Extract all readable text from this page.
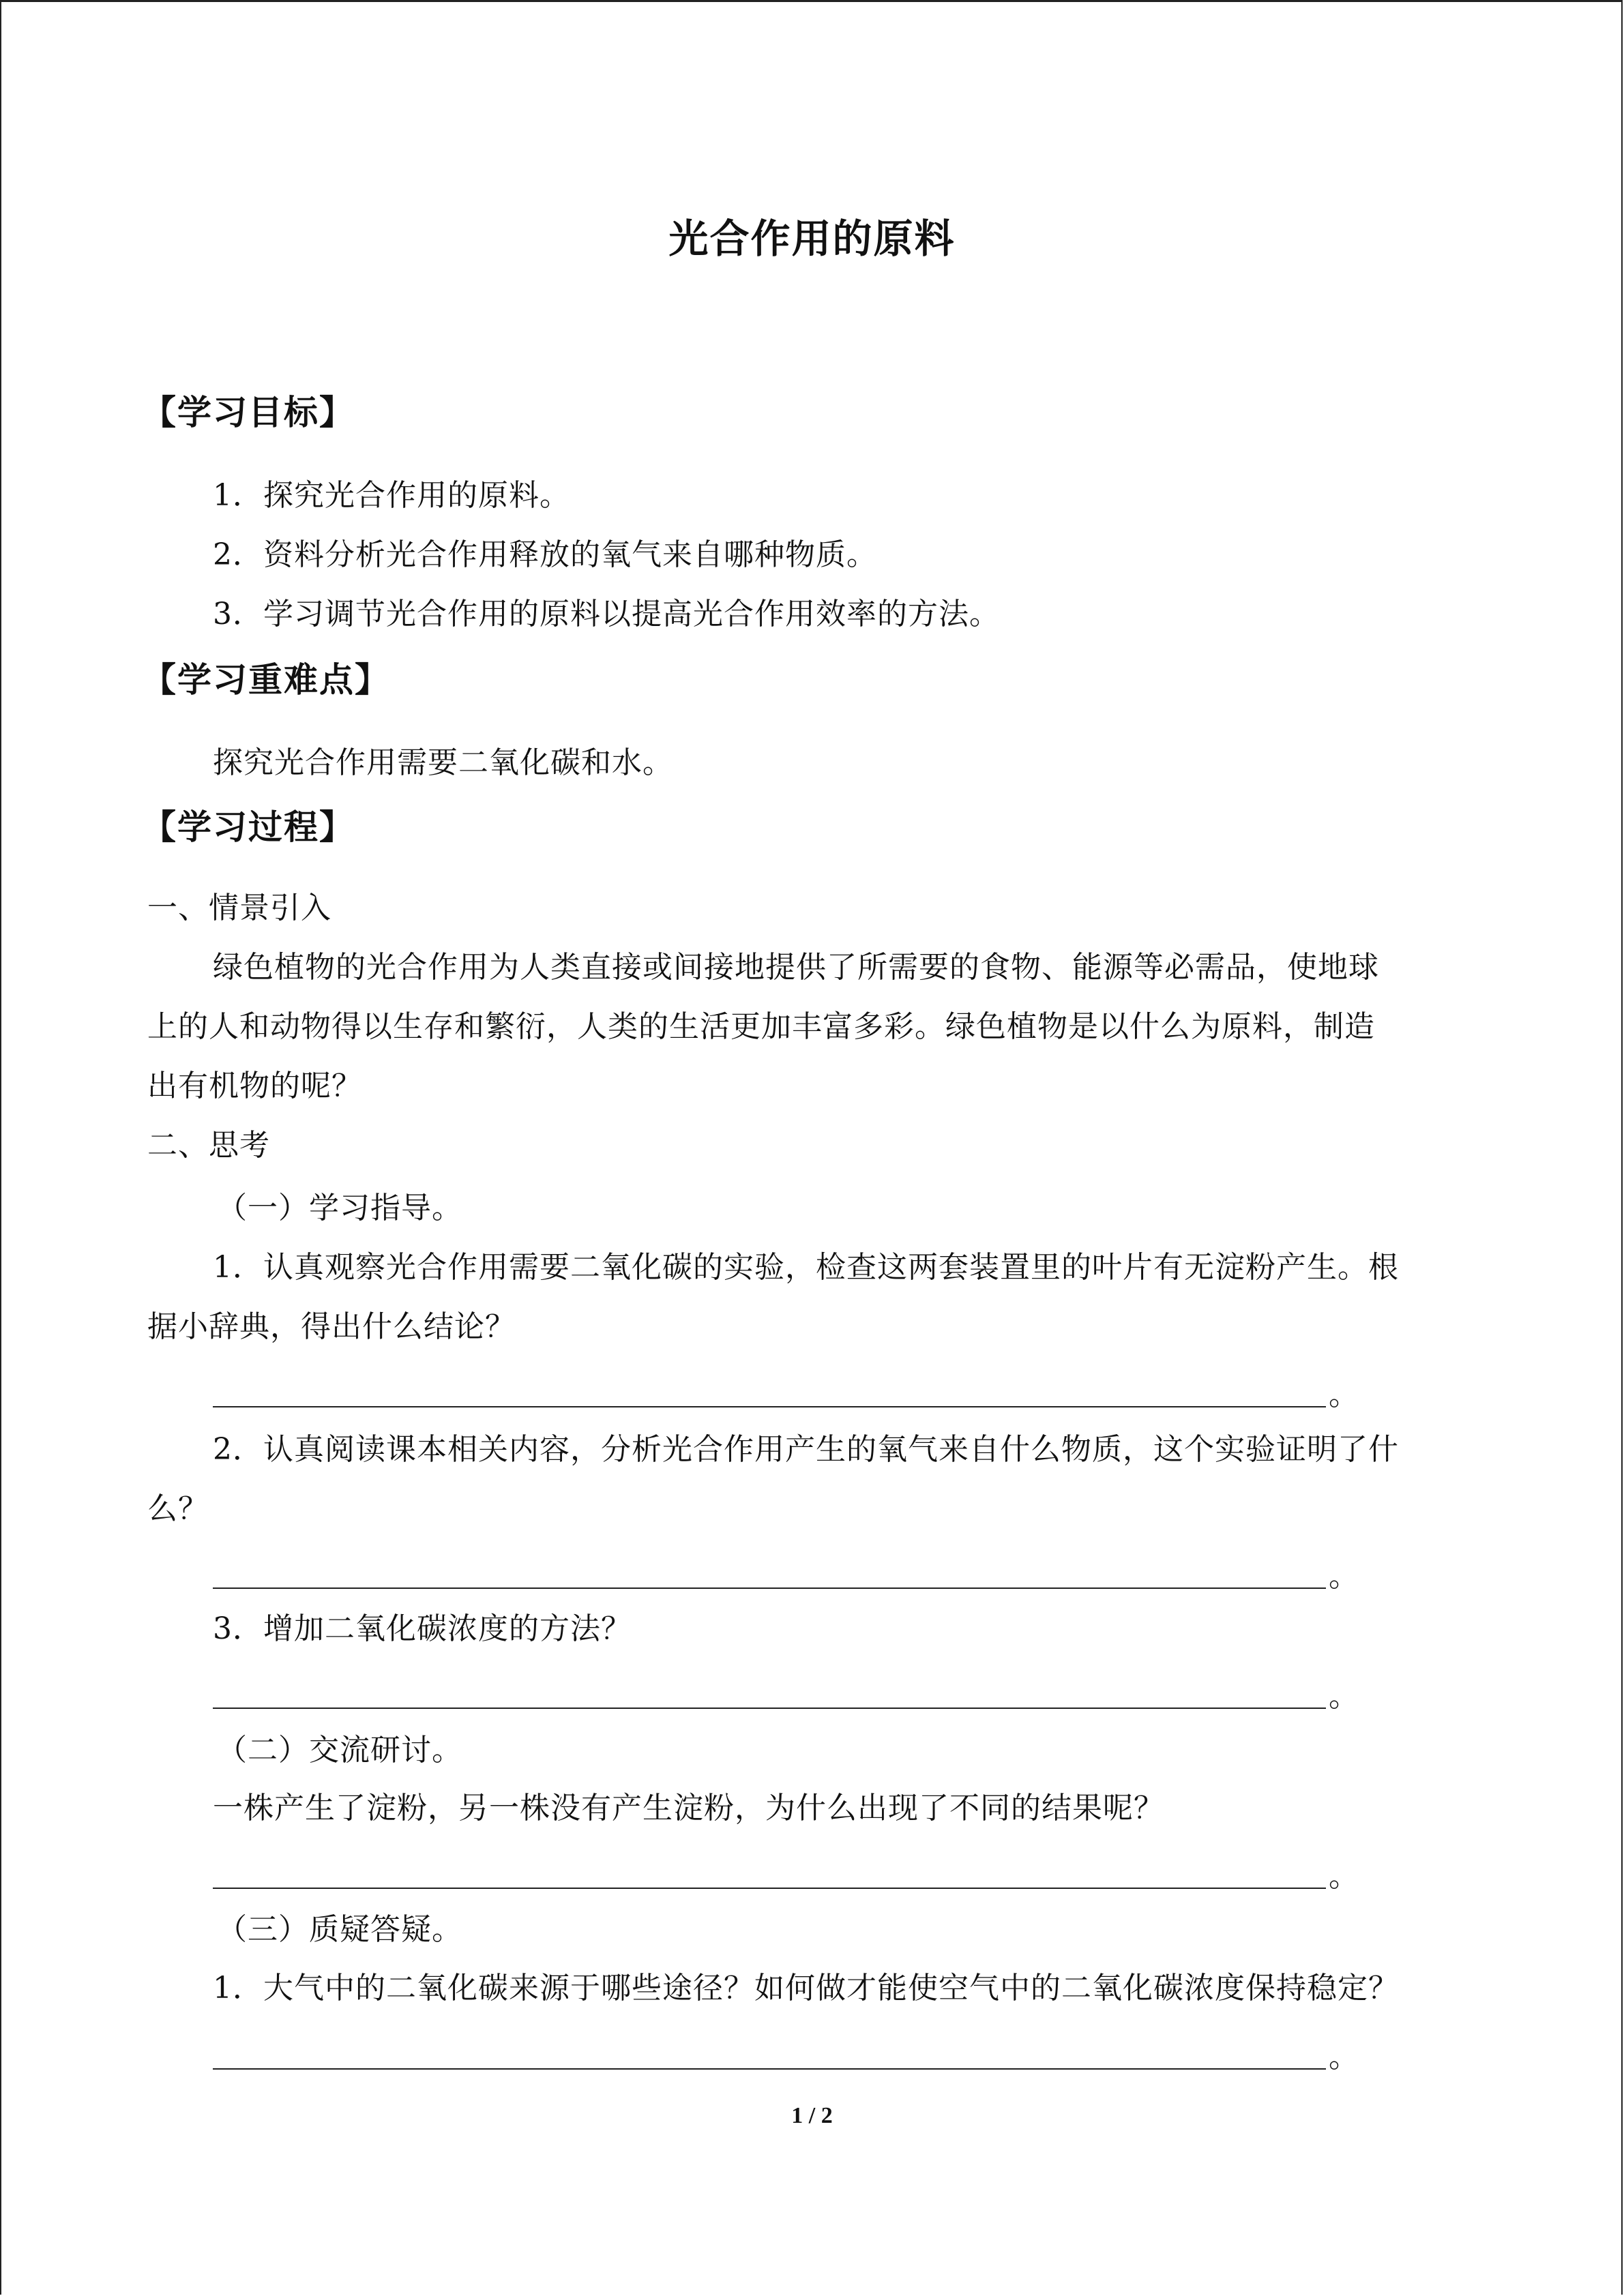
光合作用的原料
【学习目标】
1．探究光合作用的原料。
2．资料分析光合作用释放的氧气来自哪种物质。
3．学习调节光合作用的原料以提高光合作用效率的方法。
【学习重难点】
探究光合作用需要二氧化碳和水。
【学习过程】
一、情景引入
绿色植物的光合作用为人类直接或间接地提供了所需要的食物、能源等必需品，使地球
上的人和动物得以生存和繁衍，人类的生活更加丰富多彩。绿色植物是以什么为原料，制造
出有机物的呢？
二、思考
（一）学习指导。
1．认真观察光合作用需要二氧化碳的实验，检查这两套装置里的叶片有无淀粉产生。根
据小辞典，得出什么结论？
。
2．认真阅读课本相关内容，分析光合作用产生的氧气来自什么物质，这个实验证明了什
么？
。
3．增加二氧化碳浓度的方法？
。
（二）交流研讨。
一株产生了淀粉，另一株没有产生淀粉，为什么出现了不同的结果呢？
。
（三）质疑答疑。
1．大气中的二氧化碳来源于哪些途径？如何做才能使空气中的二氧化碳浓度保持稳定？
。
1 / 2
